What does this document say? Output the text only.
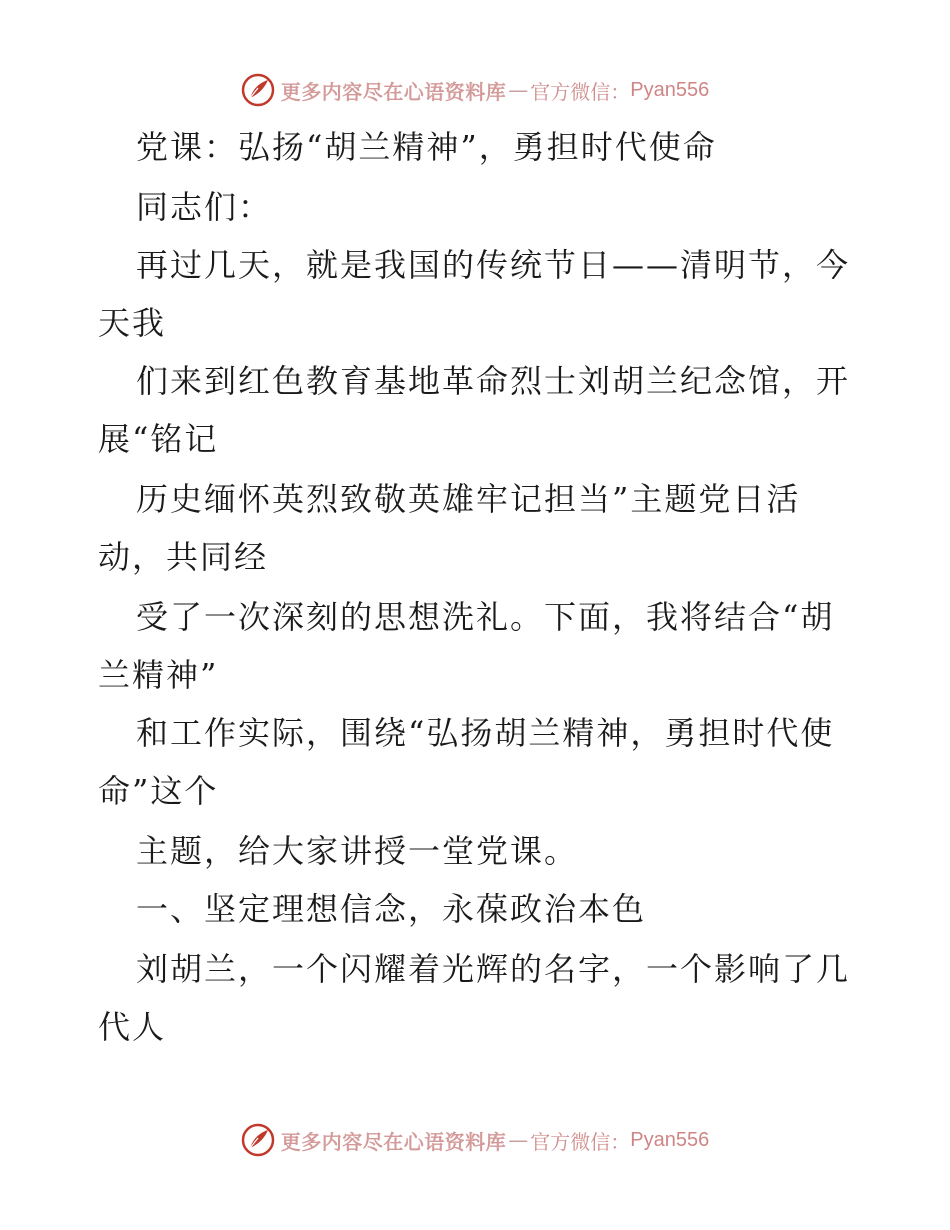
更多内容尽在心语资料库 — 官方微信： Pyan556
党课：弘扬“胡兰精神”，勇担时代使命
同志们：
再过几天，就是我国的传统节日——清明节，今
天我
们来到红色教育基地革命烈士刘胡兰纪念馆，开
展“铭记
历史缅怀英烈致敬英雄牢记担当”主题党日活
动，共同经
受了一次深刻的思想洗礼。下面，我将结合“胡
兰精神”
和工作实际，围绕“弘扬胡兰精神，勇担时代使
命”这个
主题，给大家讲授一堂党课。
一、坚定理想信念，永葆政治本色
刘胡兰，一个闪耀着光辉的名字，一个影响了几
代人
更多内容尽在心语资料库 — 官方微信： Pyan556
